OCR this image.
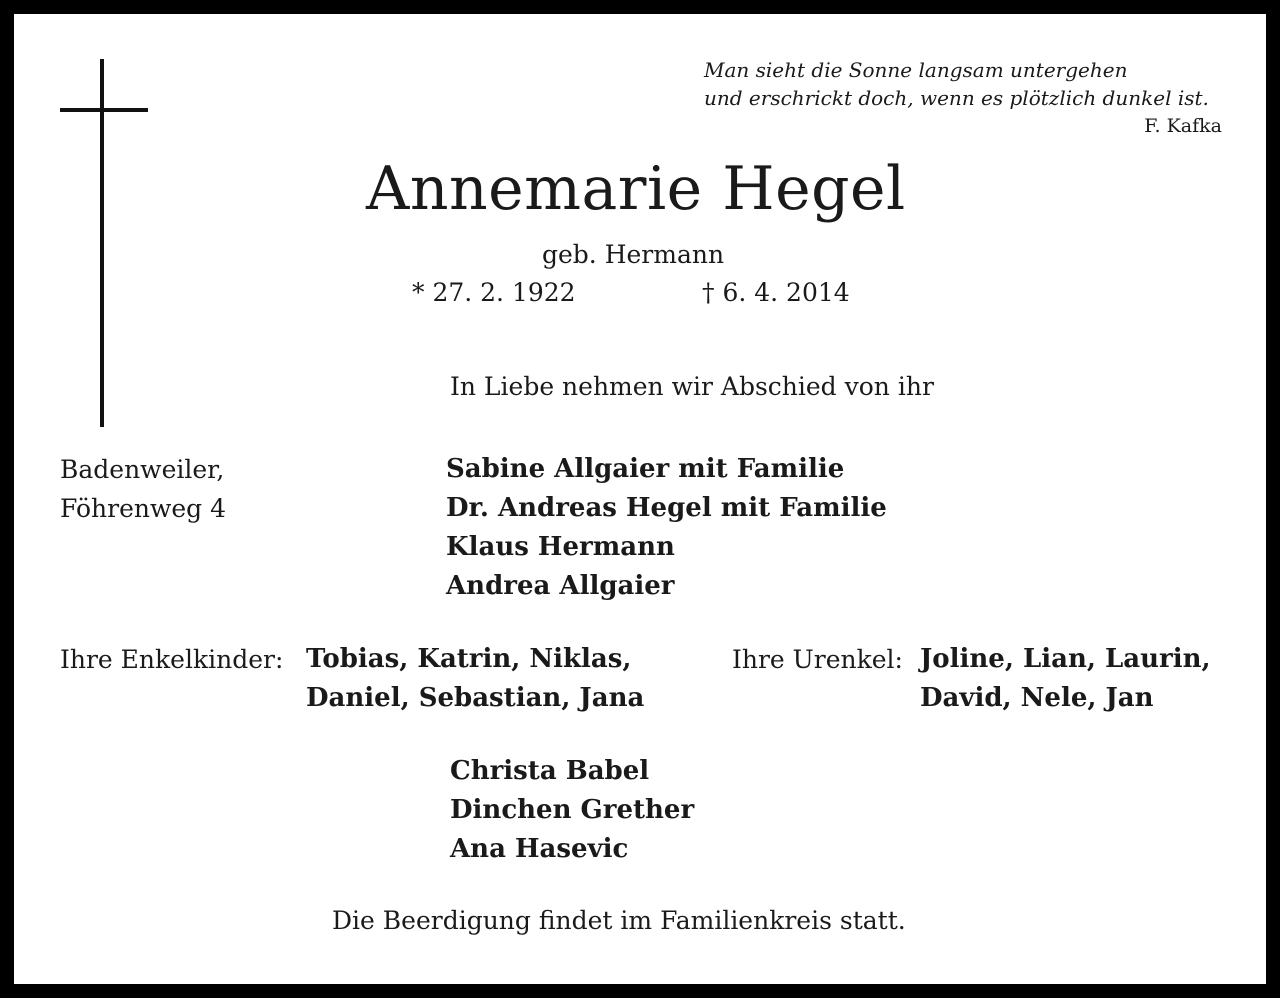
Man sieht die Sonne langsam untergehen
und erschrickt doch, wenn es plötzlich dunkel ist.
F. Kafka
Annemarie Hegel
geb. Hermann
* 27. 2. 1922	† 6. 4. 2014
In Liebe nehmen wir Abschied von ihr
Badenweiler,
Föhrenweg 4
Sabine Allgaier mit Familie
Dr. Andreas Hegel mit Familie
Klaus Hermann
Andrea Allgaier
Ihre Enkelkinder: Tobias, Katrin, Niklas,
Daniel, Sebastian, Jana
Ihre Urenkel: Joline, Lian, Laurin,
David, Nele, Jan
Christa Babel
Dinchen Grether
Ana Hasevic
Die Beerdigung findet im Familienkreis statt.
